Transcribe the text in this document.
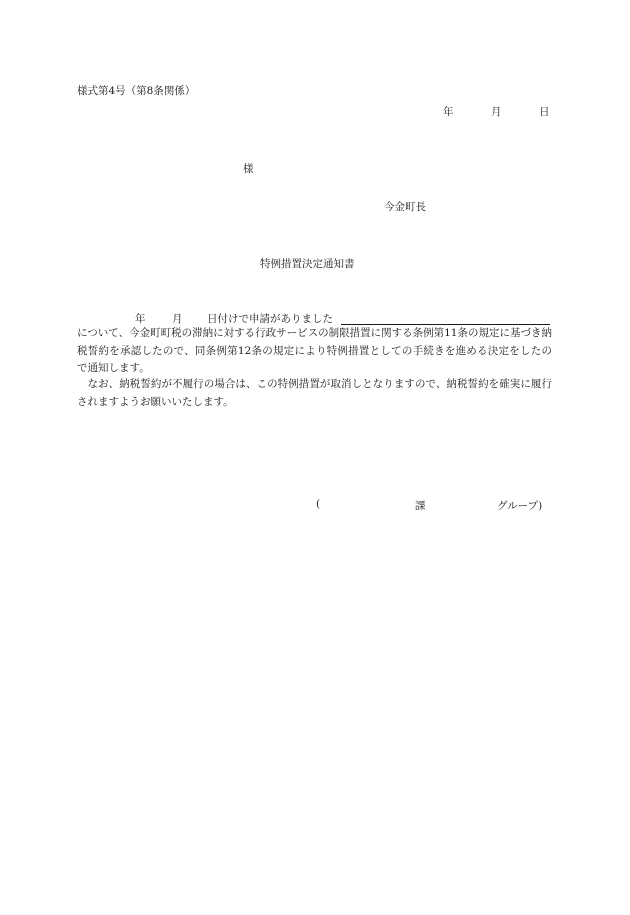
様式第4号（第8条関係）
年	月	日
様
今金町長
特例措置決定通知書
年	月 日付けで申請がありました
について、今金町町税の滞納に対する行政サービスの制限措置に関する条例第11条の規定に基づき納税誓約を承認したので、同条例第12条の規定により特例措置としての手続きを進める決定をしたので通知します。
なお、納税誓約が不履行の場合は、この特例措置が取消しとなりますので、納税誓約を確実に履行されますようお願いいたします。
(	課	グループ)
